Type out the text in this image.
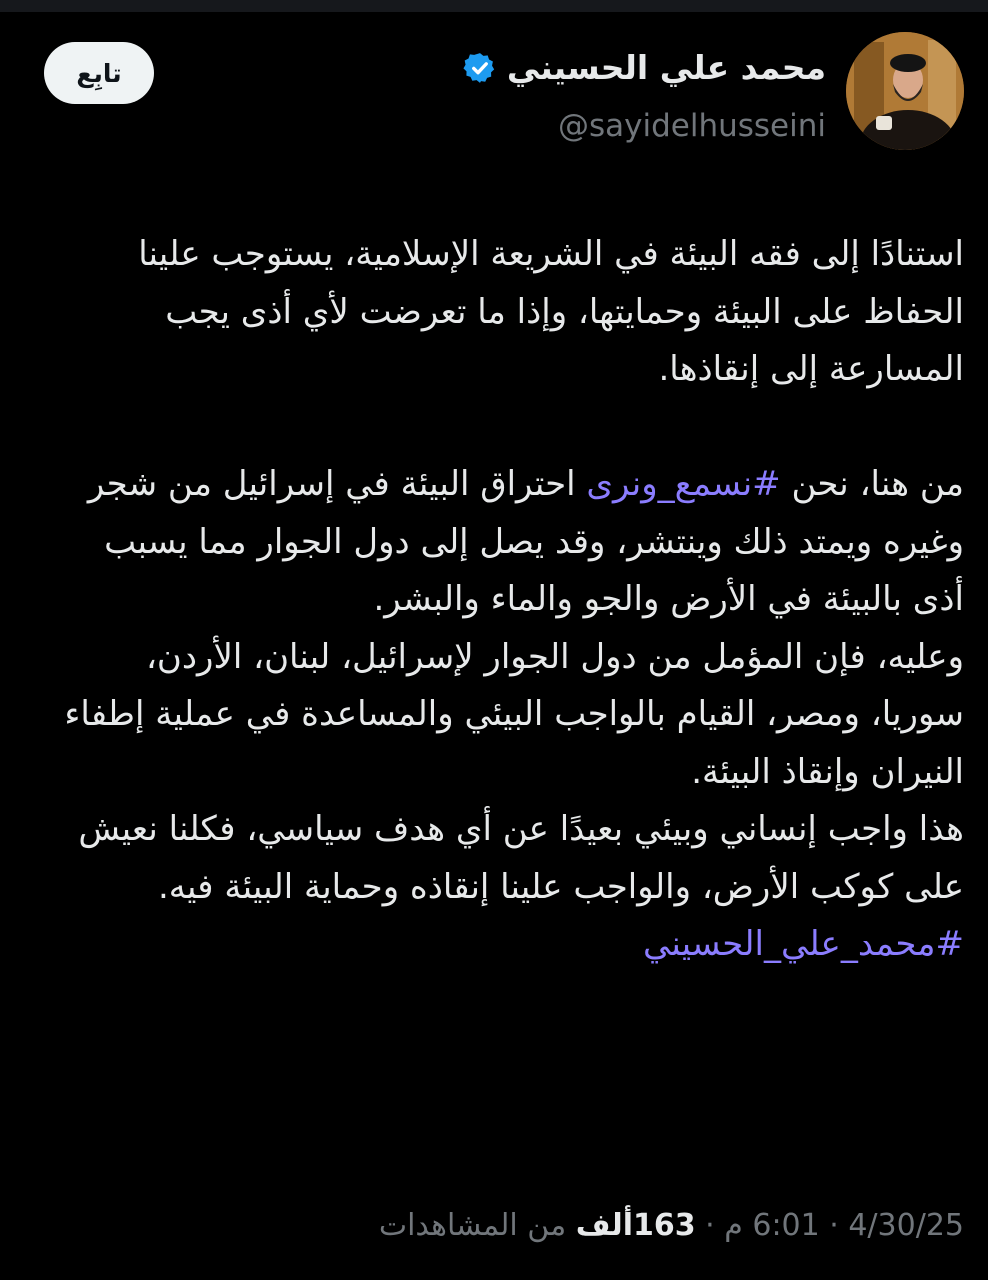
محمد علي الحسيني
@sayidelhusseini
تابِع

استنادًا إلى فقه البيئة في الشريعة الإسلامية، يستوجب علينا الحفاظ على البيئة وحمايتها، وإذا ما تعرضت لأي أذى يجب المسارعة إلى إنقاذها.

من هنا، نحن #نسمع_ونرى احتراق البيئة في إسرائيل من شجر وغيره ويمتد ذلك وينتشر، وقد يصل إلى دول الجوار مما يسبب أذى بالبيئة في الأرض والجو والماء والبشر.

وعليه، فإن المؤمل من دول الجوار لإسرائيل، لبنان، الأردن، سوريا، ومصر، القيام بالواجب البيئي والمساعدة في عملية إطفاء النيران وإنقاذ البيئة.

هذا واجب إنساني وبيئي بعيدًا عن أي هدف سياسي، فكلنا نعيش على كوكب الأرض، والواجب علينا إنقاذه وحماية البيئة فيه.

#محمد_علي_الحسيني

4/30/25 · 6:01 م · 163ألف من المشاهدات
